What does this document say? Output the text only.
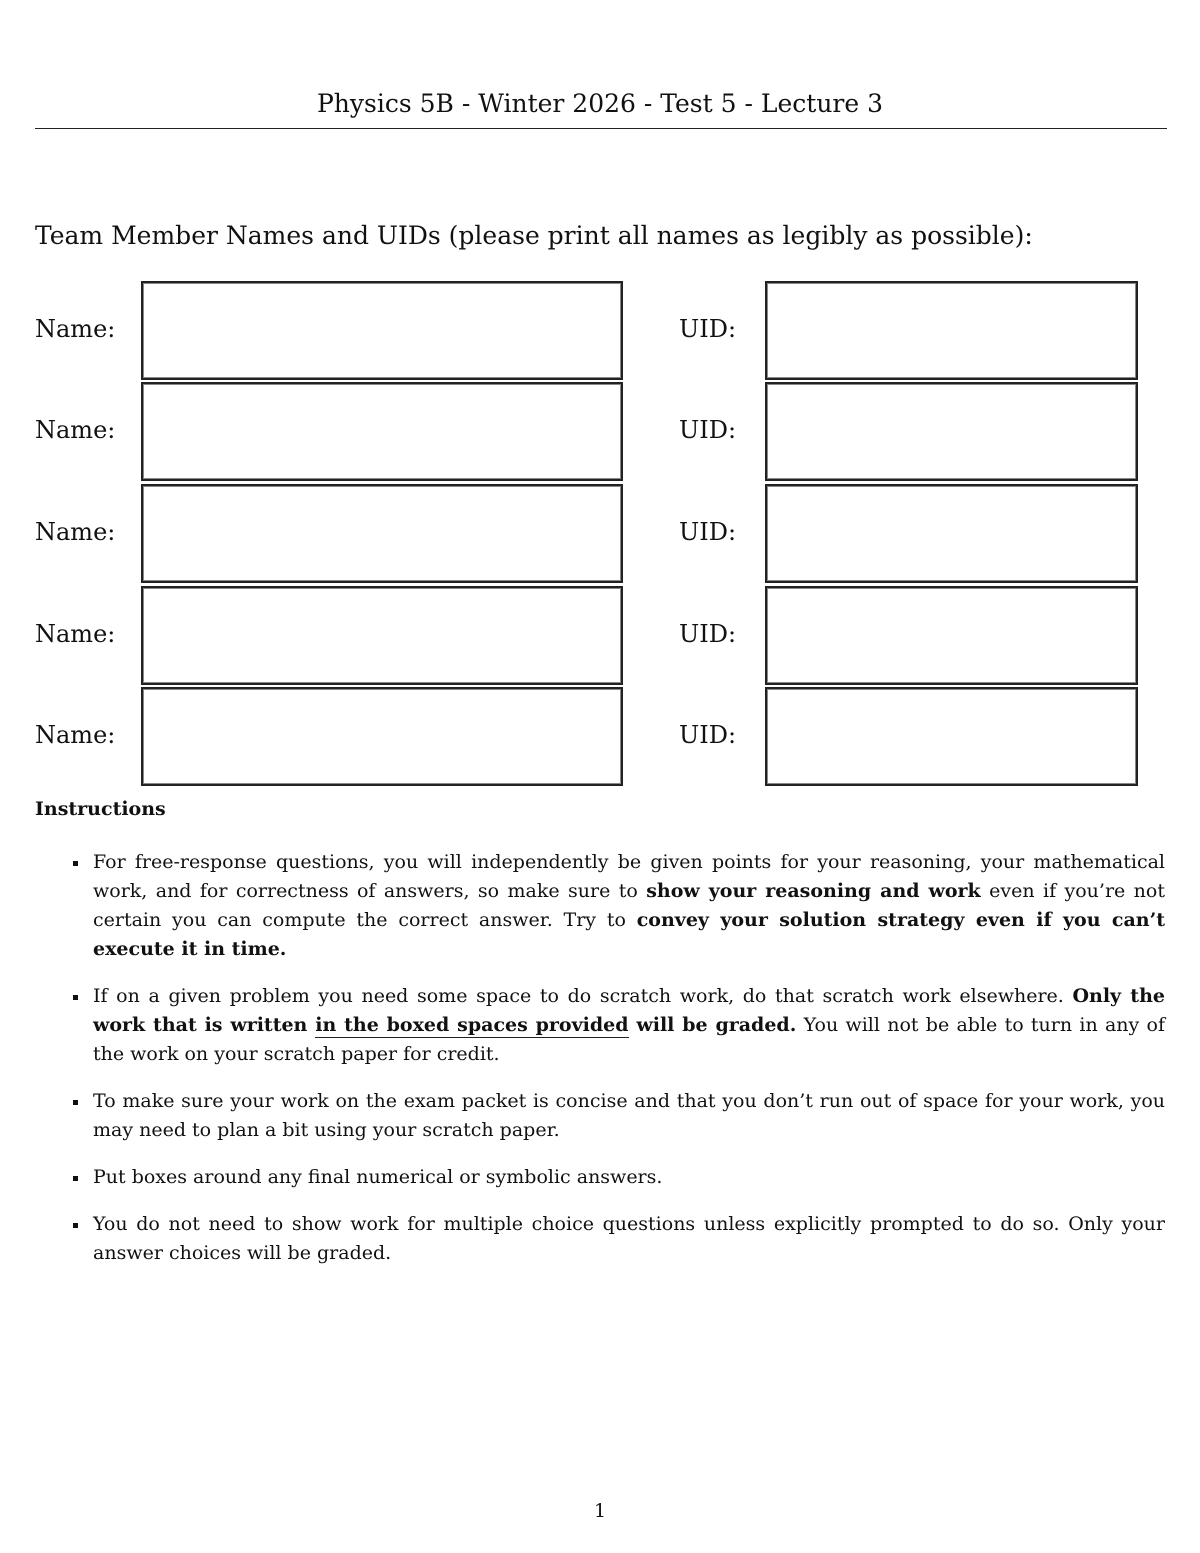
Physics 5B - Winter 2026 - Test 5 - Lecture 3
Team Member Names and UIDs (please print all names as legibly as possible):
Name:	UID:
Name:	UID:
Name:	UID:
Name:	UID:
Name:	UID:
Instructions
For free-response questions, you will independently be given points for your reasoning, your mathematical work, and for correctness of answers, so make sure to show your reasoning and work even if you’re not certain you can compute the correct answer. Try to convey your solution strategy even if you can’t execute it in time.
If on a given problem you need some space to do scratch work, do that scratch work elsewhere. Only the work that is written in the boxed spaces provided will be graded. You will not be able to turn in any of the work on your scratch paper for credit.
To make sure your work on the exam packet is concise and that you don’t run out of space for your work, you may need to plan a bit using your scratch paper.
Put boxes around any final numerical or symbolic answers.
You do not need to show work for multiple choice questions unless explicitly prompted to do so. Only your answer choices will be graded.
1
